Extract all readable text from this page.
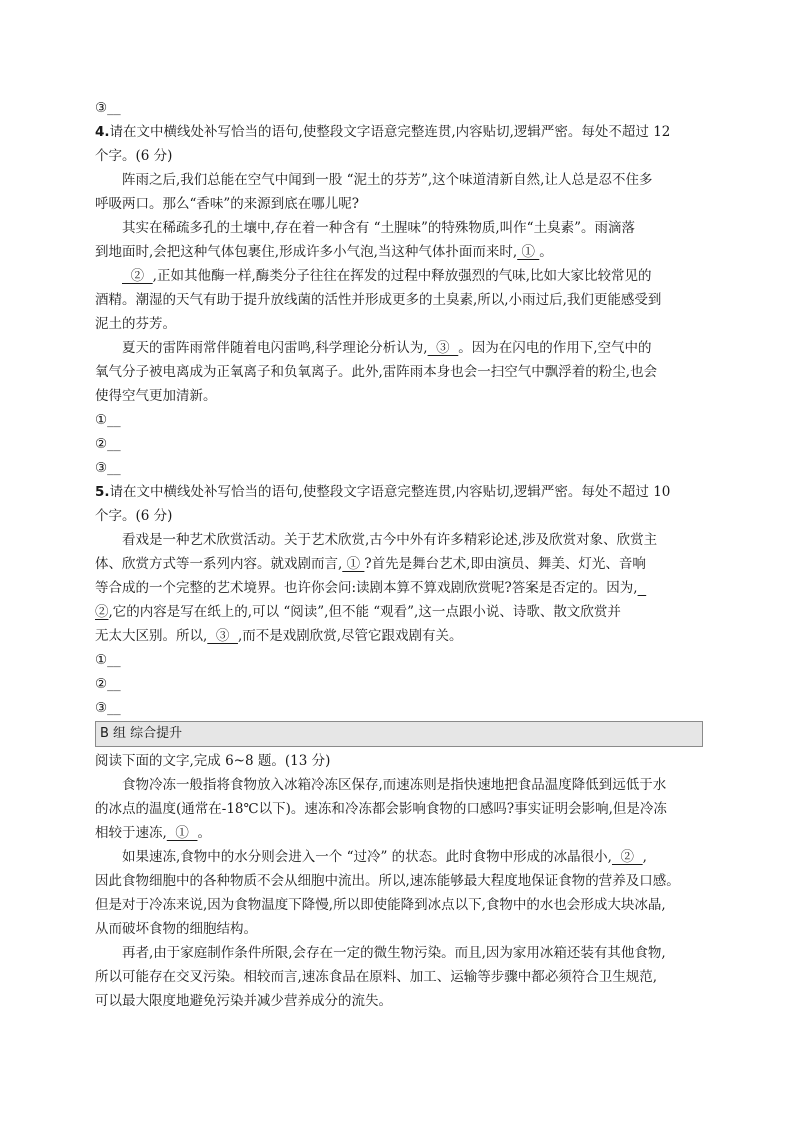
③__
4.请在文中横线处补写恰当的语句,使整段文字语意完整连贯,内容贴切,逻辑严密。每处不超过 12
个字。(6 分)
阵雨之后,我们总能在空气中闻到一股 “泥土的芬芳”,这个味道清新自然,让人总是忍不住多
呼吸两口。那么“香味”的来源到底在哪儿呢?
其实在稀疏多孔的土壤中,存在着一种含有 “土腥味”的特殊物质,叫作“土臭素”。雨滴落
到地面时,会把这种气体包裹住,形成许多小气泡,当这种气体扑面而来时, ① 。
②  ,正如其他酶一样,酶类分子往往在挥发的过程中释放强烈的气味,比如大家比较常见的
酒精。潮湿的天气有助于提升放线菌的活性并形成更多的土臭素,所以,小雨过后,我们更能感受到
泥土的芬芳。
夏天的雷阵雨常伴随着电闪雷鸣,科学理论分析认为,  ③  。因为在闪电的作用下,空气中的
氧气分子被电离成为正氧离子和负氧离子。此外,雷阵雨本身也会一扫空气中飘浮着的粉尘,也会
使得空气更加清新。
①__
②__
③__
5.请在文中横线处补写恰当的语句,使整段文字语意完整连贯,内容贴切,逻辑严密。每处不超过 10
个字。(6 分)
看戏是一种艺术欣赏活动。关于艺术欣赏,古今中外有许多精彩论述,涉及欣赏对象、欣赏主
体、欣赏方式等一系列内容。就戏剧而言, ① ?首先是舞台艺术,即由演员、舞美、灯光、音响
等合成的一个完整的艺术境界。也许你会问:读剧本算不算戏剧欣赏呢?答案是否定的。因为,
②,它的内容是写在纸上的,可以 “阅读”,但不能 “观看”,这一点跟小说、诗歌、散文欣赏并
无太大区别。所以,  ③  ,而不是戏剧欣赏,尽管它跟戏剧有关。
①__
②__
③__
B 组 综合提升
阅读下面的文字,完成 6~8 题。(13 分)
食物冷冻一般指将食物放入冰箱冷冻区保存,而速冻则是指快速地把食品温度降低到远低于水
的冰点的温度(通常在-18℃以下)。速冻和冷冻都会影响食物的口感吗?事实证明会影响,但是冷冻
相较于速冻,  ①  。
如果速冻,食物中的水分则会进入一个 “过冷” 的状态。此时食物中形成的冰晶很小,  ②  ,
因此食物细胞中的各种物质不会从细胞中流出。所以,速冻能够最大程度地保证食物的营养及口感。
但是对于冷冻来说,因为食物温度下降慢,所以即使能降到冰点以下,食物中的水也会形成大块冰晶,
从而破坏食物的细胞结构。
再者,由于家庭制作条件所限,会存在一定的微生物污染。而且,因为家用冰箱还装有其他食物,
所以可能存在交叉污染。相较而言,速冻食品在原料、加工、运输等步骤中都必须符合卫生规范,
可以最大限度地避免污染并减少营养成分的流失。
